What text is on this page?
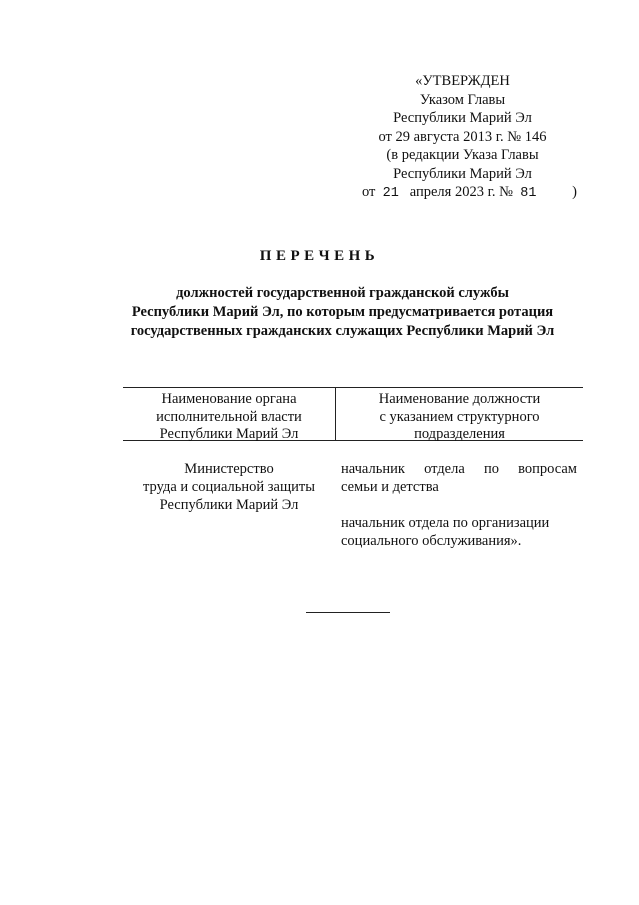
«УТВЕРЖДЕН
Указом Главы
Республики Марий Эл
от 29 августа 2013 г. № 146
(в редакции Указа Главы
Республики Марий Эл
от 21 апреля 2023 г. № 81 )
ПЕРЕЧЕНЬ
должностей государственной гражданской службы
Республики Марий Эл, по которым предусматривается ротация
государственных гражданских служащих Республики Марий Эл
Наименование органа
исполнительной власти
Республики Марий Эл
Наименование должности
с указанием структурного
подразделения
Министерство
труда и социальной защиты
Республики Марий Эл
начальник отдела по вопросам
семьи и детства
начальник отдела по организации
социального обслуживания».
